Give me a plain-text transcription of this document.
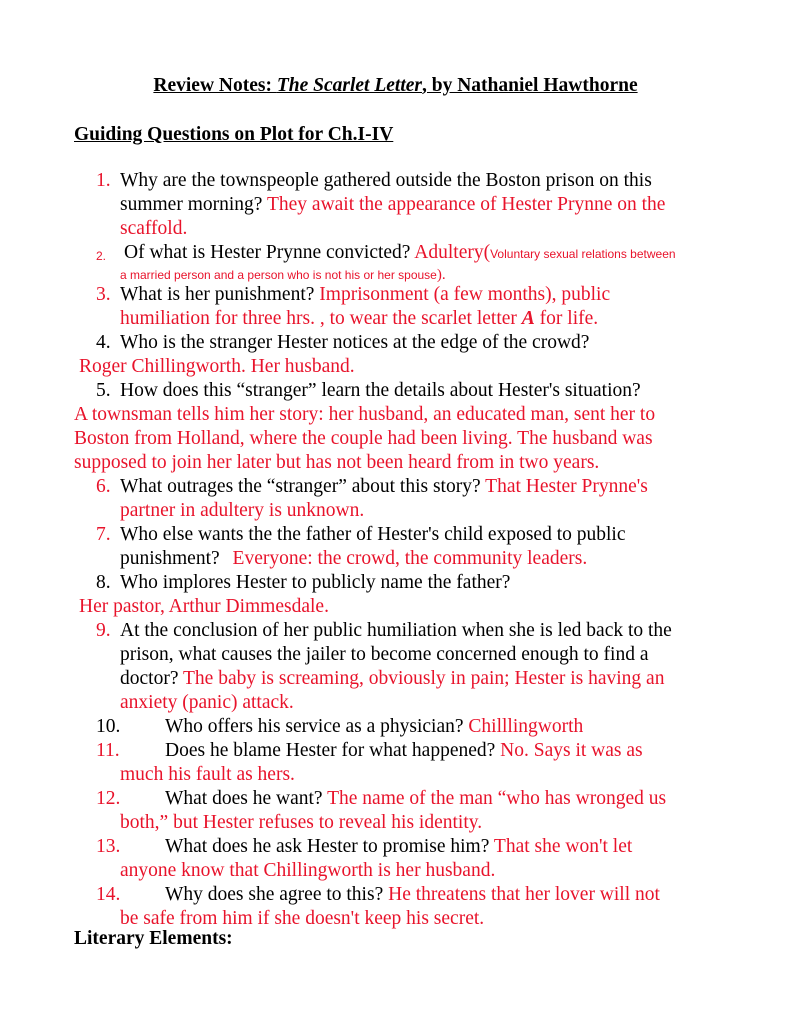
Review Notes: The Scarlet Letter, by Nathaniel Hawthorne
Guiding Questions on Plot for Ch.I-IV
1. Why are the townspeople gathered outside the Boston prison on this
summer morning? They await the appearance of Hester Prynne on the
scaffold.
2. Of what is Hester Prynne convicted? Adultery(Voluntary sexual relations between
a married person and a person who is not his or her spouse).
3. What is her punishment? Imprisonment (a few months), public
humiliation for three hrs. , to wear the scarlet letter A for life.
4. Who is the stranger Hester notices at the edge of the crowd?
Roger Chillingworth. Her husband.
5. How does this “stranger” learn the details about Hester's situation?
A townsman tells him her story: her husband, an educated man, sent her to
Boston from Holland, where the couple had been living. The husband was
supposed to join her later but has not been heard from in two years.
6. What outrages the “stranger” about this story? That Hester Prynne's
partner in adultery is unknown.
7. Who else wants the the father of Hester's child exposed to public
punishment? Everyone: the crowd, the community leaders.
8. Who implores Hester to publicly name the father?
Her pastor, Arthur Dimmesdale.
9. At the conclusion of her public humiliation when she is led back to the
prison, what causes the jailer to become concerned enough to find a
doctor? The baby is screaming, obviously in pain; Hester is having an
anxiety (panic) attack.
10. Who offers his service as a physician? Chilllingworth
11. Does he blame Hester for what happened? No. Says it was as
much his fault as hers.
12. What does he want? The name of the man “who has wronged us
both,” but Hester refuses to reveal his identity.
13. What does he ask Hester to promise him? That she won't let
anyone know that Chillingworth is her husband.
14. Why does she agree to this? He threatens that her lover will not
be safe from him if she doesn't keep his secret.
Literary Elements:
